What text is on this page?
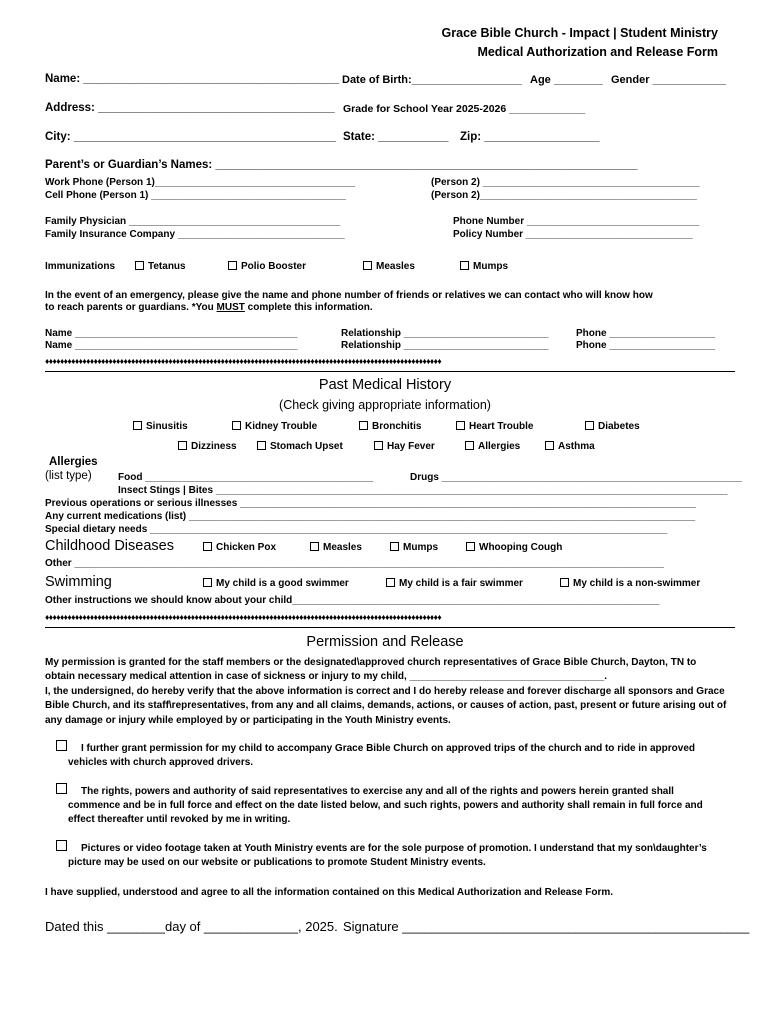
Grace Bible Church - Impact | Student Ministry
Medical Authorization and Release Form
Name: ________________________________________ Date of Birth:__________________ Age ________ Gender ____________
Address: _____________________________________ Grade for School Year 2025-2026 _____________
City: _________________________________________ State: ___________ Zip: __________________
Parent’s or Guardian’s Names: __________________________________________________________________
Work Phone (Person 1)____________________________________	(Person 2) _______________________________________
Cell Phone (Person 1) ___________________________________	(Person 2)_______________________________________
Family Physician ______________________________________	Phone Number _______________________________
Family Insurance Company ______________________________	Policy Number ______________________________
Immunizations	Tetanus	Polio Booster	Measles	Mumps
In the event of an emergency, please give the name and phone number of friends or relatives we can contact who will know how
to reach parents or guardians. *You MUST complete this information.
Name ________________________________________	Relationship __________________________	Phone ___________________
Name ________________________________________	Relationship __________________________	Phone ___________________
♦♦♦♦♦♦♦♦♦♦♦♦♦♦♦♦♦♦♦♦♦♦♦♦♦♦♦♦♦♦♦♦♦♦♦♦♦♦♦♦♦♦♦♦♦♦♦♦♦♦♦♦♦♦♦♦♦♦♦♦♦♦♦♦♦♦♦♦♦♦♦♦♦♦♦♦♦♦♦♦♦♦♦♦♦♦♦♦♦♦♦♦♦♦♦♦♦♦♦♦♦♦♦♦♦♦
Past Medical History
(Check giving appropriate information)
Sinusitis	Kidney Trouble	Bronchitis	Heart Trouble	Diabetes
Dizziness	Stomach Upset	Hay Fever	Allergies	Asthma
Allergies
(list type)	Food _________________________________________	Drugs ______________________________________________________
Insect Stings | Bites ____________________________________________________________________________________________
Previous operations or serious illnesses __________________________________________________________________________________
Any current medications (list) ___________________________________________________________________________________________
Special dietary needs _____________________________________________________________________________________________
Childhood Diseases	Chicken Pox	Measles	Mumps	Whooping Cough
Other __________________________________________________________________________________________________________
Swimming	My child is a good swimmer	My child is a fair swimmer	My child is a non-swimmer
Other instructions we should know about your child__________________________________________________________________
♦♦♦♦♦♦♦♦♦♦♦♦♦♦♦♦♦♦♦♦♦♦♦♦♦♦♦♦♦♦♦♦♦♦♦♦♦♦♦♦♦♦♦♦♦♦♦♦♦♦♦♦♦♦♦♦♦♦♦♦♦♦♦♦♦♦♦♦♦♦♦♦♦♦♦♦♦♦♦♦♦♦♦♦♦♦♦♦♦♦♦♦♦♦♦♦♦♦♦♦♦♦♦♦♦♦
Permission and Release
My permission is granted for the staff members or the designated\approved church representatives of Grace Bible Church, Dayton, TN to
obtain necessary medical attention in case of sickness or injury to my child, ___________________________________.
I, the undersigned, do hereby verify that the above information is correct and I do hereby release and forever discharge all sponsors and Grace Bible Church, and its staff\representatives, from any and all claims, demands, actions, or causes of action, past, present or future arising out of any damage or injury while employed by or participating in the Youth Ministry events.
I further grant permission for my child to accompany Grace Bible Church on approved trips of the church and to ride in approved
vehicles with church approved drivers.
The rights, powers and authority of said representatives to exercise any and all of the rights and powers herein granted shall
commence and be in full force and effect on the date listed below, and such rights, powers and authority shall remain in full force and
effect thereafter until revoked by me in writing.
Pictures or video footage taken at Youth Ministry events are for the sole purpose of promotion. I understand that my son\daughter’s
picture may be used on our website or publications to promote Student Ministry events.
I have supplied, understood and agree to all the information contained on this Medical Authorization and Release Form.
Dated this ________day of _____________, 2025. Signature ________________________________________________
